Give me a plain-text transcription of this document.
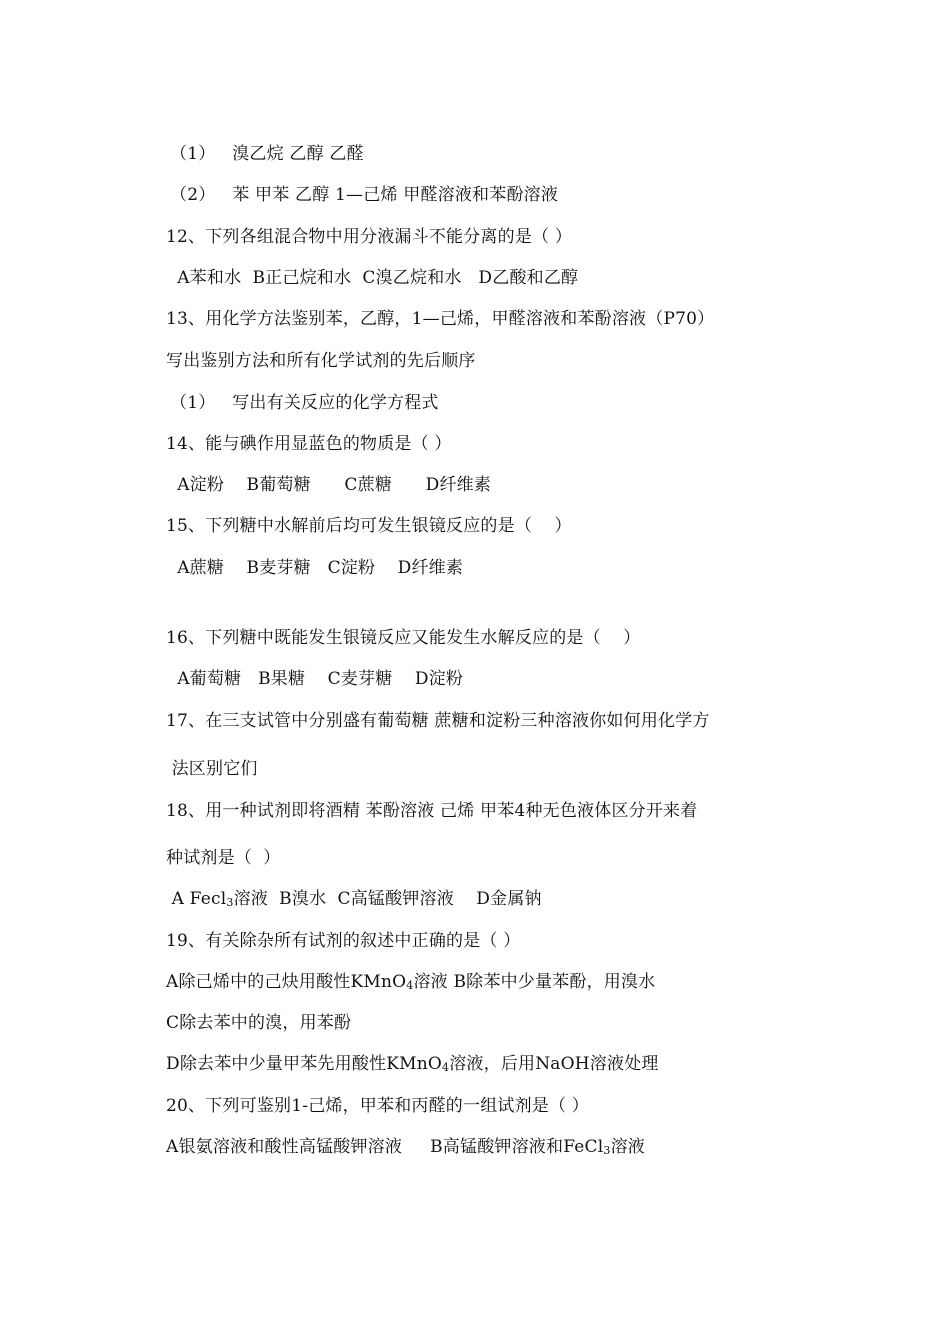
（1）   溴乙烷 乙醇 乙醛
（2）   苯 甲苯 乙醇 1—己烯 甲醛溶液和苯酚溶液
12、下列各组混合物中用分液漏斗不能分离的是（ ）
A苯和水  B正己烷和水  C溴乙烷和水   D乙酸和乙醇
13、用化学方法鉴别苯，乙醇，1—己烯，甲醛溶液和苯酚溶液（P70）
写出鉴别方法和所有化学试剂的先后顺序
（1）   写出有关反应的化学方程式
14、能与碘作用显蓝色的物质是（ ）
A淀粉    B葡萄糖      C蔗糖      D纤维素
15、下列糖中水解前后均可发生银镜反应的是（    ）
A蔗糖    B麦芽糖   C淀粉    D纤维素
16、下列糖中既能发生银镜反应又能发生水解反应的是（    ）
A葡萄糖   B果糖    C麦芽糖    D淀粉
17、在三支试管中分别盛有葡萄糖 蔗糖和淀粉三种溶液你如何用化学方
法区别它们
18、用一种试剂即将酒精 苯酚溶液 己烯 甲苯4种无色液体区分开来着
种试剂是（  ）
A Fecl3溶液  B溴水  C高锰酸钾溶液    D金属钠
19、有关除杂所有试剂的叙述中正确的是（ ）
A除己烯中的己炔用酸性KMnO4溶液 B除苯中少量苯酚，用溴水
C除去苯中的溴，用苯酚
D除去苯中少量甲苯先用酸性KMnO4溶液，后用NaOH溶液处理
20、下列可鉴别1-己烯，甲苯和丙醛的一组试剂是（ ）
A银氨溶液和酸性高锰酸钾溶液     B高锰酸钾溶液和FeCl3溶液
